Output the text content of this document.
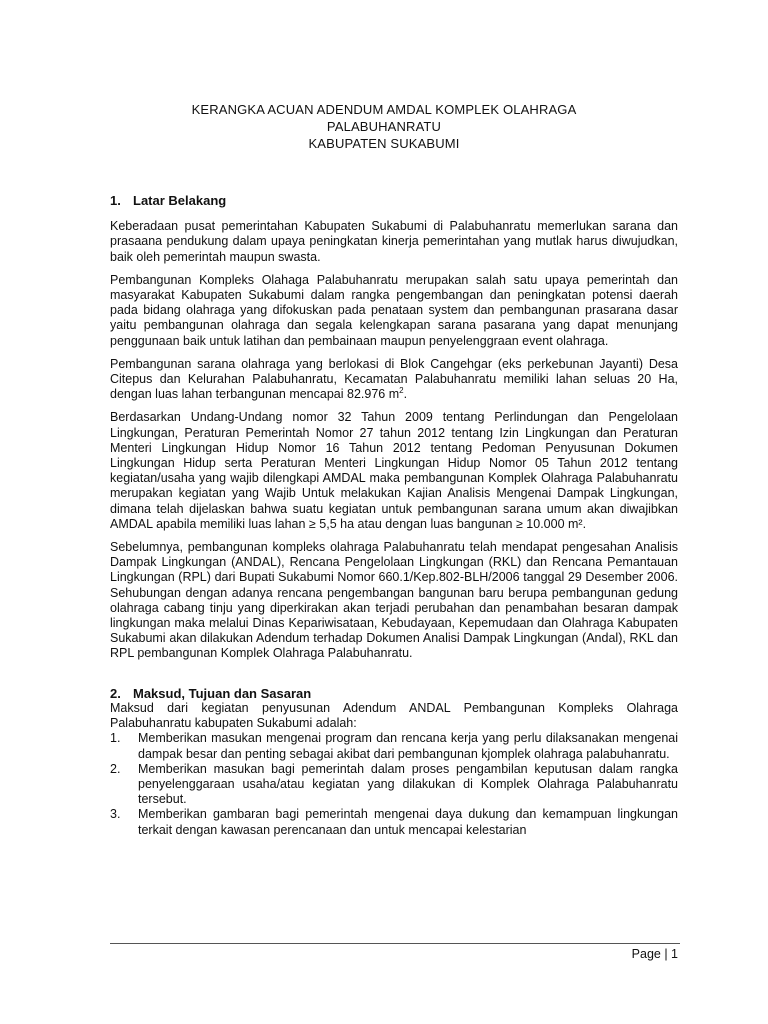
KERANGKA ACUAN ADENDUM AMDAL KOMPLEK OLAHRAGA
PALABUHANRATU
KABUPATEN SUKABUMI
1. Latar Belakang

Keberadaan pusat pemerintahan Kabupaten Sukabumi di Palabuhanratu memerlukan sarana dan prasaana pendukung dalam upaya peningkatan kinerja pemerintahan yang mutlak harus diwujudkan, baik oleh pemerintah maupun swasta.

Pembangunan Kompleks Olahaga Palabuhanratu merupakan salah satu upaya pemerintah dan masyarakat Kabupaten Sukabumi dalam rangka pengembangan dan peningkatan potensi daerah pada bidang olahraga yang difokuskan pada penataan system dan pembangunan prasarana dasar yaitu pembangunan olahraga dan segala kelengkapan sarana pasarana yang dapat menunjang penggunaan baik untuk latihan dan pembainaan maupun penyelenggraan event olahraga.

Pembangunan sarana olahraga yang berlokasi di Blok Cangehgar (eks perkebunan Jayanti) Desa Citepus dan Kelurahan Palabuhanratu, Kecamatan Palabuhanratu memiliki lahan seluas 20 Ha, dengan luas lahan terbangunan mencapai 82.976 $m^2$.

Berdasarkan Undang-Undang nomor 32 Tahun 2009 tentang Perlindungan dan Pengelolaan Lingkungan, Peraturan Pemerintah Nomor 27 tahun 2012 tentang Izin Lingkungan dan Peraturan Menteri Lingkungan Hidup Nomor 16 Tahun 2012 tentang Pedoman Penyusunan Dokumen Lingkungan Hidup serta Peraturan Menteri Lingkungan Hidup Nomor 05 Tahun 2012 tentang kegiatan/usaha yang wajib dilengkapi AMDAL maka pembangunan Komplek Olahraga Palabuhanratu merupakan kegiatan yang Wajib Untuk melakukan Kajian Analisis Mengenai Dampak Lingkungan, dimana telah dijelaskan bahwa suatu kegiatan untuk pembangunan sarana umum akan diwajibkan AMDAL apabila memiliki luas lahan ≥ 5,5 ha atau dengan luas bangunan ≥ 10.000 m².

Sebelumnya, pembangunan kompleks olahraga Palabuhanratu telah mendapat pengesahan Analisis Dampak Lingkungan (ANDAL), Rencana Pengelolaan Lingkungan (RKL) dan Rencana Pemantauan Lingkungan (RPL) dari Bupati Sukabumi Nomor 660.1/Kep.802-BLH/2006 tanggal 29 Desember 2006. Sehubungan dengan adanya rencana pengembangan bangunan baru berupa pembangunan gedung olahraga cabang tinju yang diperkirakan akan terjadi perubahan dan penambahan besaran dampak lingkungan maka melalui Dinas Kepariwisataan, Kebudayaan, Kepemudaan dan Olahraga Kabupaten Sukabumi akan dilakukan Adendum terhadap Dokumen Analisi Dampak Lingkungan (Andal), RKL dan RPL pembangunan Komplek Olahraga Palabuhanratu.

2. Maksud, Tujuan dan Sasaran

Maksud dari kegiatan penyusunan Adendum ANDAL Pembangunan Kompleks Olahraga Palabuhanratu kabupaten Sukabumi adalah:

1.	Memberikan masukan mengenai program dan rencana kerja yang perlu dilaksanakan mengenai dampak besar dan penting sebagai akibat dari pembangunan kjomplek olahraga palabuhanratu.
2.	Memberikan masukan bagi pemerintah dalam proses pengambilan keputusan dalam rangka penyelenggaraan usaha/atau kegiatan yang dilakukan di Komplek Olahraga Palabuhanratu tersebut.
3.	Memberikan gambaran bagi pemerintah mengenai daya dukung dan kemampuan lingkungan terkait dengan kawasan perencanaan dan untuk mencapai kelestarian
Page | 1
